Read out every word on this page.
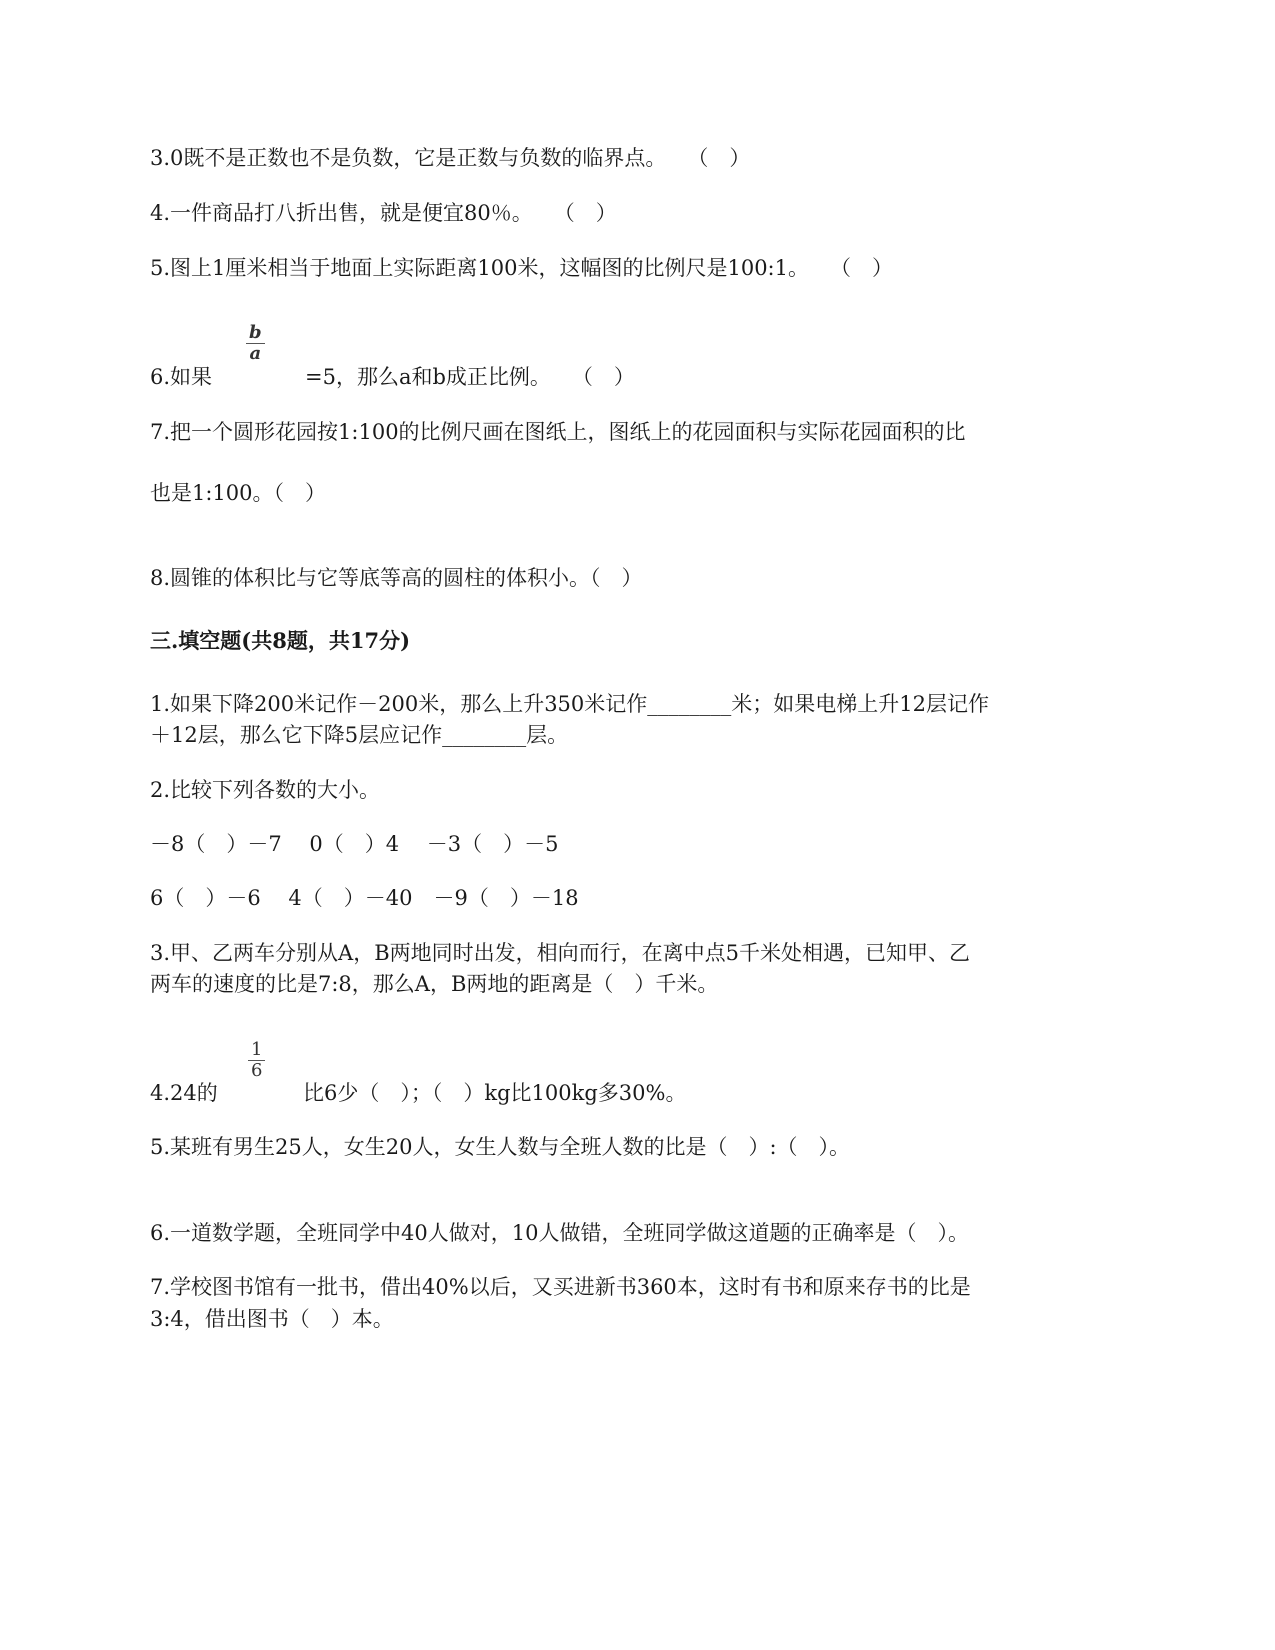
3.0既不是正数也不是负数，它是正数与负数的临界点。　　（　）
4.一件商品打八折出售，就是便宜80％。　　（　）
5.图上1厘米相当于地面上实际距离100米，这幅图的比例尺是100:1。　　（　）
6.如果
$\frac{b}{a}$
=5，那么a和b成正比例。　　（　）
7.把一个圆形花园按1:100的比例尺画在图纸上，图纸上的花园面积与实际花园面积的比
也是1:100。（　）
8.圆锥的体积比与它等底等高的圆柱的体积小。（　）
三.填空题(共8题，共17分)
1.如果下降200米记作－200米，那么上升350米记作________米；如果电梯上升12层记作
＋12层，那么它下降5层应记作________层。
2.比较下列各数的大小。
－8（　）－7　 0（　）4　 －3（　）－5
6（　）－6　 4（　）－40　－9（　）－18
3.甲、乙两车分别从A，B两地同时出发，相向而行，在离中点5千米处相遇，已知甲、乙
两车的速度的比是7:8，那么A，B两地的距离是（　）千米。
4.24的
$\frac{1}{6}$
比6少（　）；（　）kg比100kg多30%。
5.某班有男生25人，女生20人，女生人数与全班人数的比是（　）:（　）。
6.一道数学题，全班同学中40人做对，10人做错，全班同学做这道题的正确率是（　）。
7.学校图书馆有一批书，借出40%以后，又买进新书360本，这时有书和原来存书的比是
3:4，借出图书（　）本。
